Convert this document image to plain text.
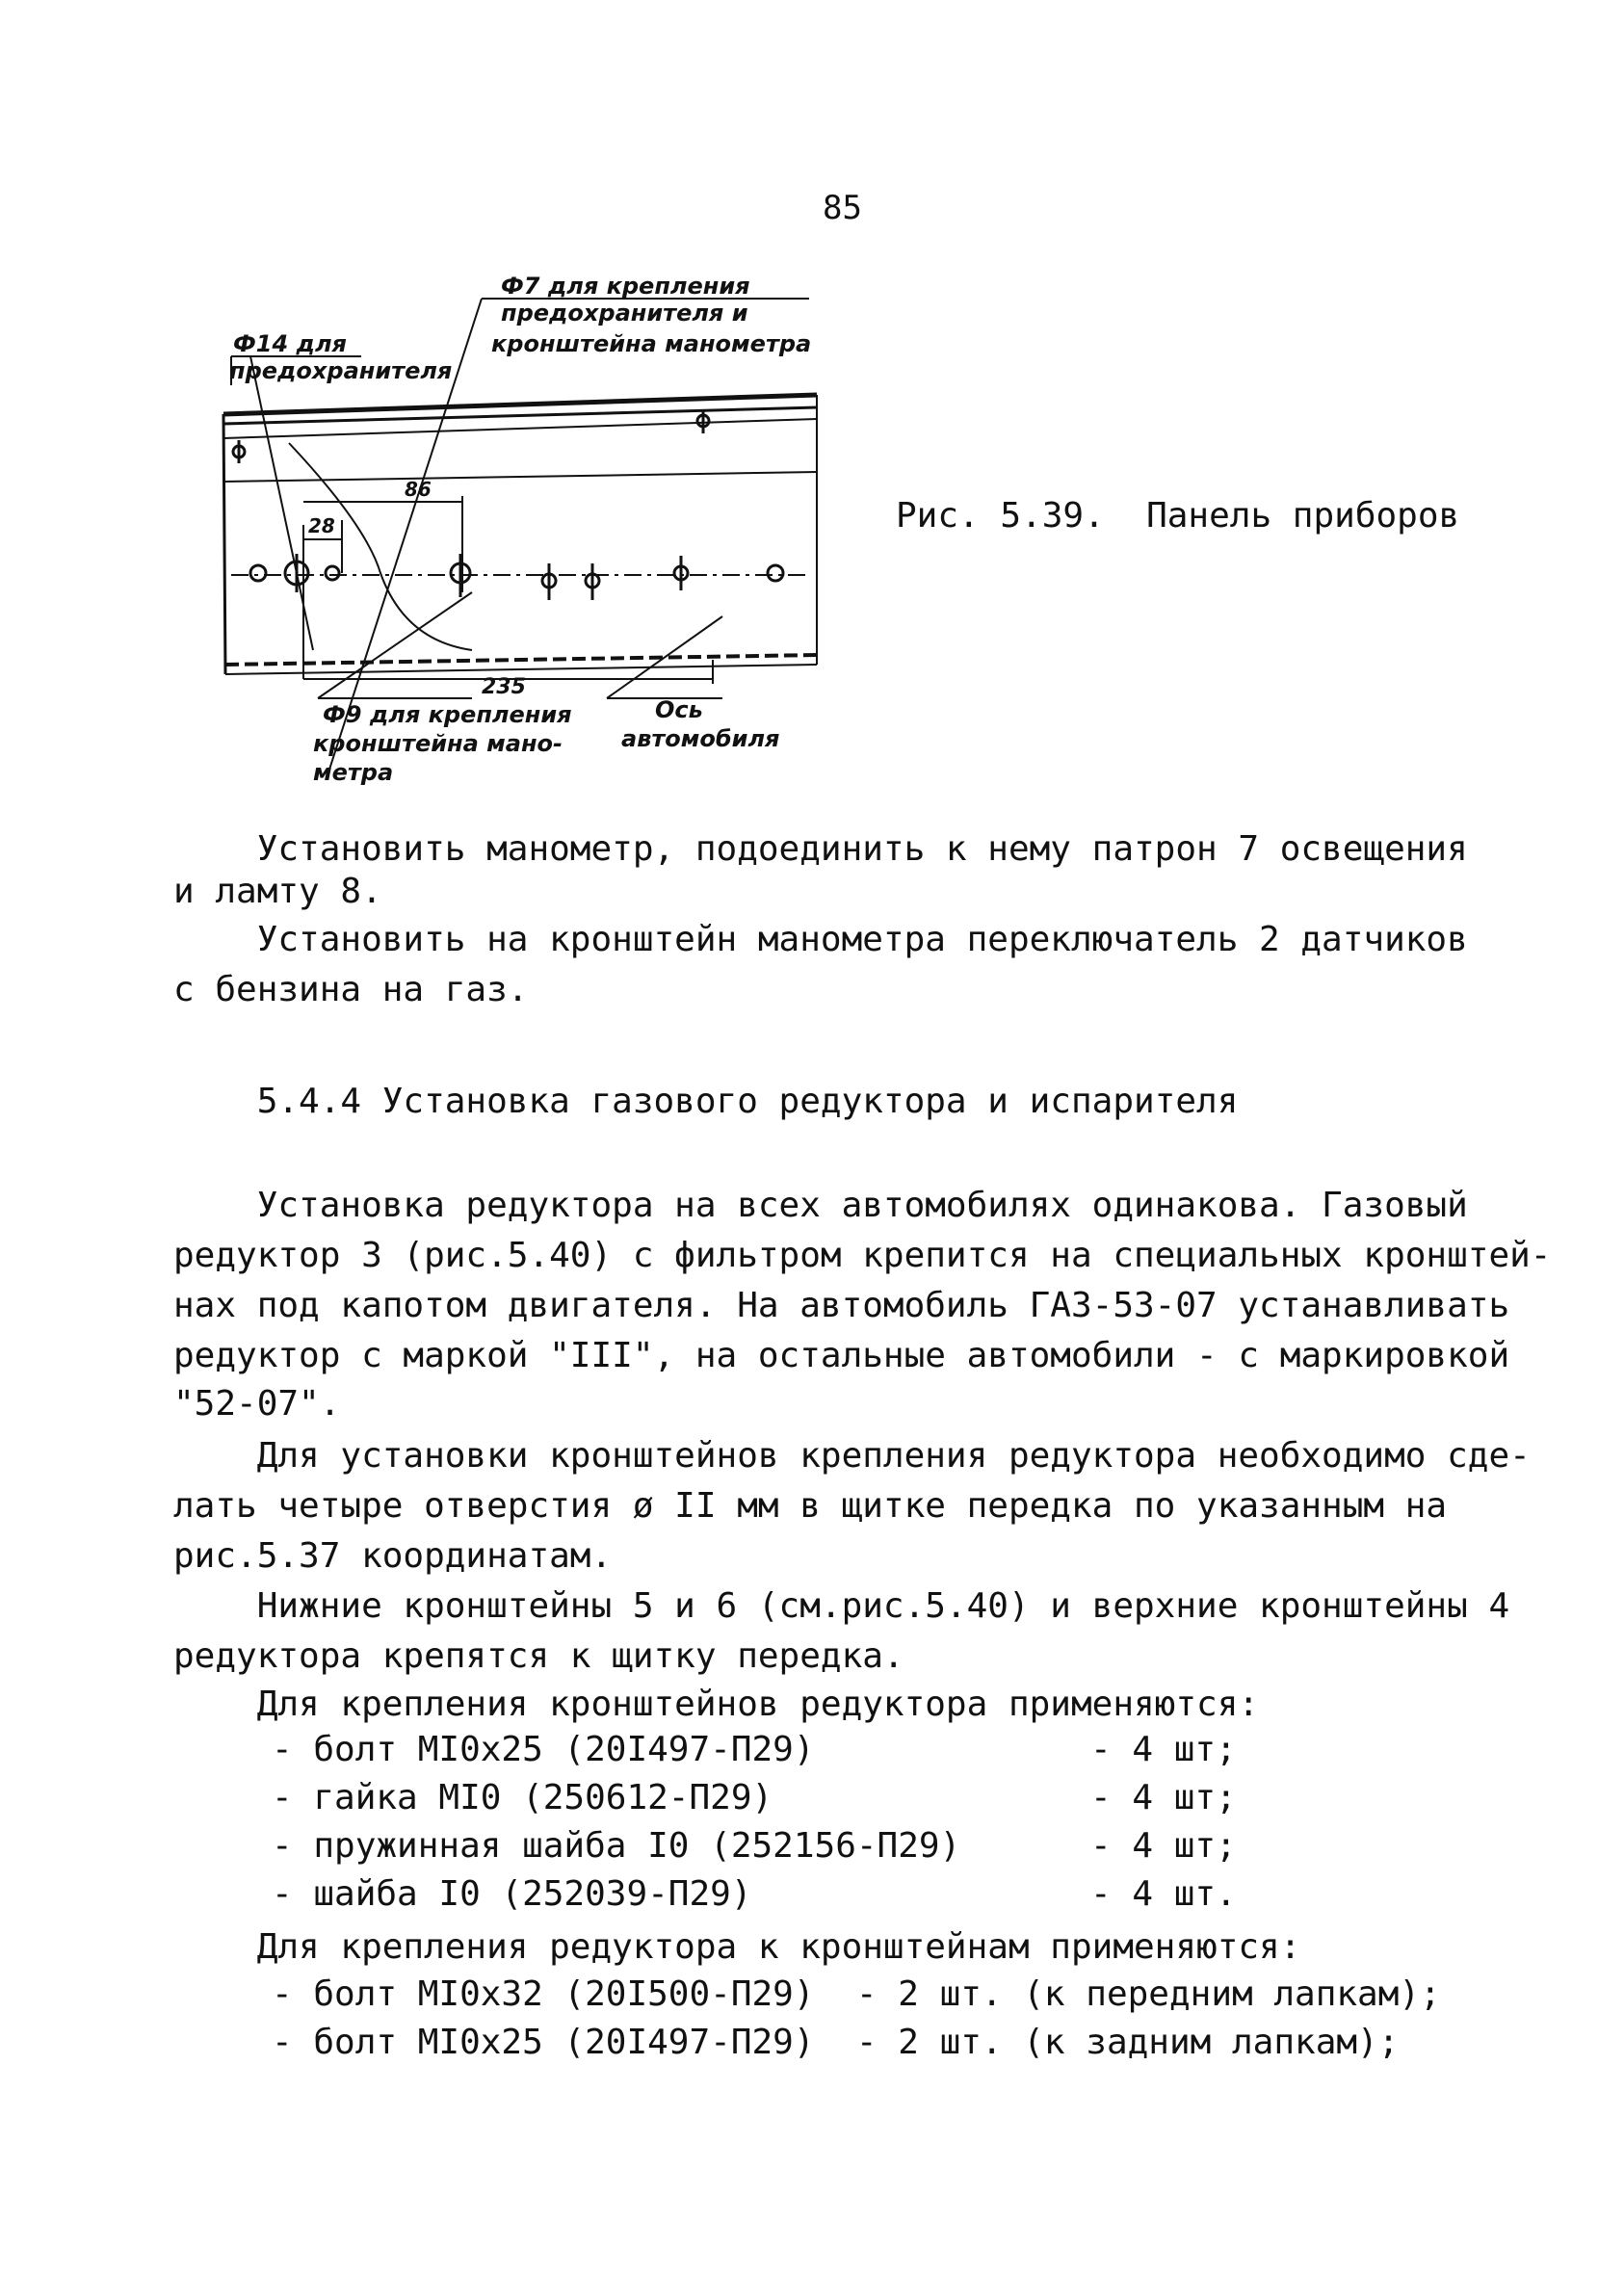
85
Ф14 для
предохранителя
Ф7 для крепления
предохранителя и
кронштейна манометра
28
86
235
Ф9 для крепления
кронштейна мано-
метра
Ось
автомобиля
Рис. 5.39.  Панель приборов
Установить манометр, подоединить к нему патрон 7 освещения
и ламту 8.
Установить на кронштейн манометра переключатель 2 датчиков
с бензина на газ.
5.4.4 Установка газового редуктора и испарителя
Установка редуктора на всех автомобилях одинакова. Газовый
редуктор 3 (рис.5.40) с фильтром крепится на специальных кронштей-
нах под капотом двигателя. На автомобиль ГАЗ-53-07 устанавливать
редуктор с маркой "III", на остальные автомобили - с маркировкой
"52-07".
Для установки кронштейнов крепления редуктора необходимо сде-
лать четыре отверстия ø II мм в щитке передка по указанным на
рис.5.37 координатам.
Нижние кронштейны 5 и 6 (см.рис.5.40) и верхние кронштейны 4
редуктора крепятся к щитку передка.
Для крепления кронштейнов редуктора применяются:
- болт MI0x25 (20I497-П29)	- 4 шт;
- гайка MI0 (250612-П29)	- 4 шт;
- пружинная шайба I0 (252156-П29)	- 4 шт;
- шайба I0 (252039-П29)	- 4 шт.
Для крепления редуктора к кронштейнам применяются:
- болт MI0x32 (20I500-П29)  - 2 шт. (к передним лапкам);
- болт MI0x25 (20I497-П29)  - 2 шт. (к задним лапкам);
